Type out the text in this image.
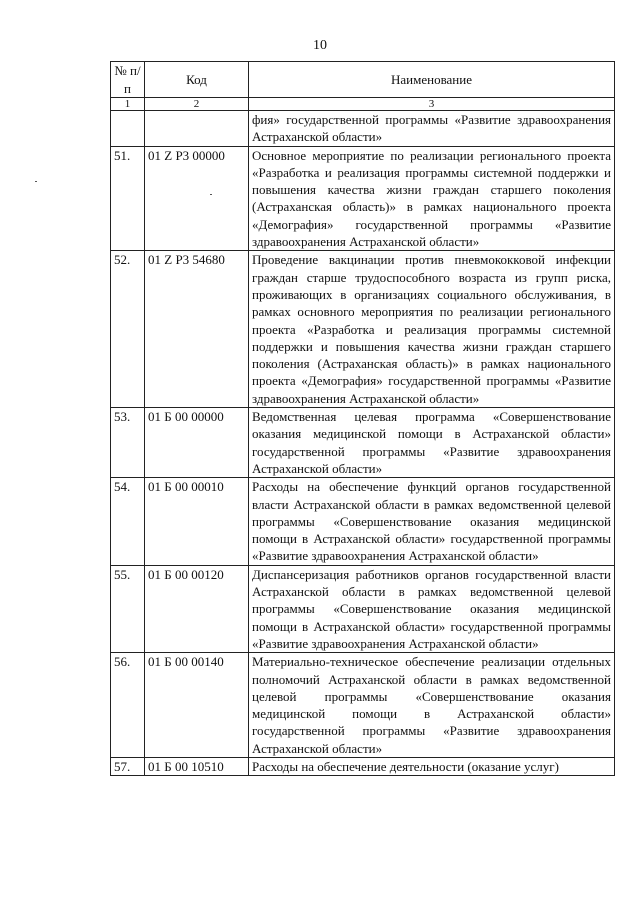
10
№ п/п	Код	Наименование
1	2	3
		фия» государственной программы «Развитие здравоохранения Астраханской области»
51.	01 Z P3 00000	Основное мероприятие по реализации регионального проекта «Разработка и реализация программы системной поддержки и повышения качества жизни граждан старшего поколения (Астраханская область)» в рамках национального проекта «Демография» государственной программы «Развитие здравоохранения Астраханской области»
52.	01 Z P3 54680	Проведение вакцинации против пневмококковой инфекции граждан старше трудоспособного возраста из групп риска, проживающих в организациях социального обслуживания, в рамках основного мероприятия по реализации регионального проекта «Разработка и реализация программы системной поддержки и повышения качества жизни граждан старшего поколения (Астраханская область)» в рамках национального проекта «Демография» государственной программы «Развитие здравоохранения Астраханской области»
53.	01 Б 00 00000	Ведомственная целевая программа «Совершенствование оказания медицинской помощи в Астраханской области» государственной программы «Развитие здравоохранения Астраханской области»
54.	01 Б 00 00010	Расходы на обеспечение функций органов государственной власти Астраханской области в рамках ведомственной целевой программы «Совершенствование оказания медицинской помощи в Астраханской области» государственной программы «Развитие здравоохранения Астраханской области»
55.	01 Б 00 00120	Диспансеризация работников органов государственной власти Астраханской области в рамках ведомственной целевой программы «Совершенствование оказания медицинской помощи в Астраханской области» государственной программы «Развитие здравоохранения Астраханской области»
56.	01 Б 00 00140	Материально-техническое обеспечение реализации отдельных полномочий Астраханской области в рамках ведомственной целевой программы «Совершенствование оказания медицинской помощи в Астраханской области» государственной программы «Развитие здравоохранения Астраханской области»
57.	01 Б 00 10510	Расходы на обеспечение деятельности (оказание услуг)
